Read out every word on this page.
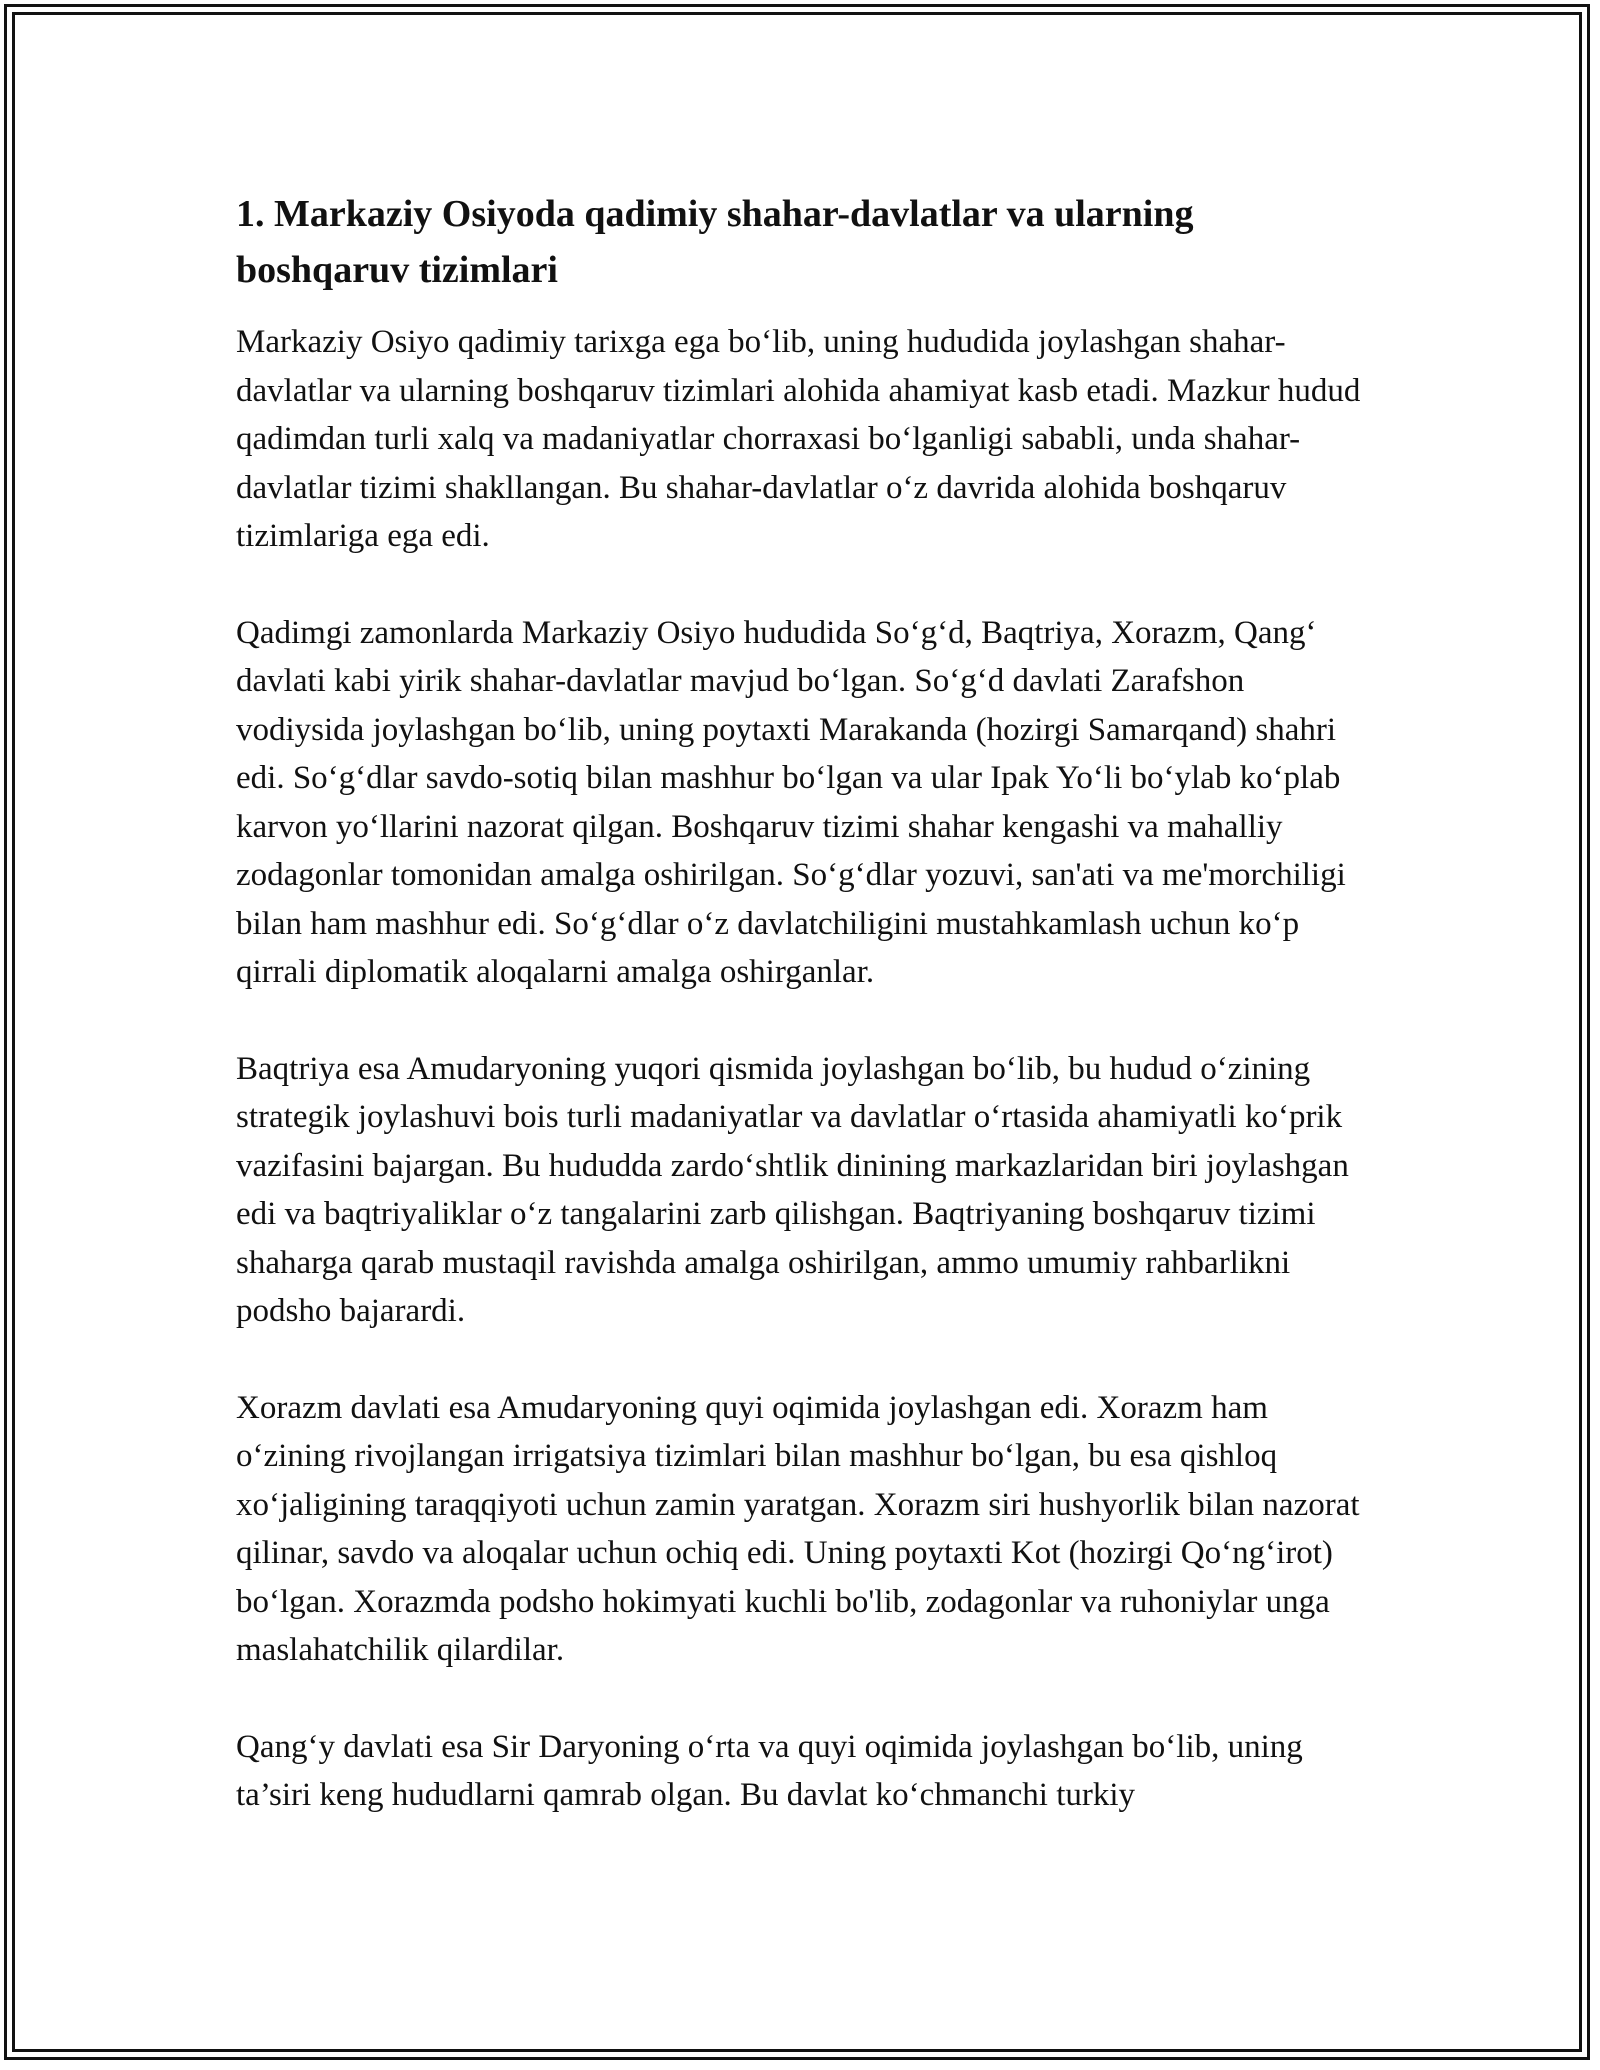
1. Markaziy Osiyoda qadimiy shahar-davlatlar va ularning boshqaruv tizimlari

Markaziy Osiyo qadimiy tarixga ega bo‘lib, uning hududida joylashgan shahar-davlatlar va ularning boshqaruv tizimlari alohida ahamiyat kasb etadi. Mazkur hudud qadimdan turli xalq va madaniyatlar chorraxasi bo‘lganligi sababli, unda shahar-davlatlar tizimi shakllangan. Bu shahar-davlatlar o‘z davrida alohida boshqaruv tizimlariga ega edi.

Qadimgi zamonlarda Markaziy Osiyo hududida So‘g‘d, Baqtriya, Xorazm, Qang‘ davlati kabi yirik shahar-davlatlar mavjud bo‘lgan. So‘g‘d davlati Zarafshon vodiysida joylashgan bo‘lib, uning poytaxti Marakanda (hozirgi Samarqand) shahri edi. So‘g‘dlar savdo-sotiq bilan mashhur bo‘lgan va ular Ipak Yo‘li bo‘ylab ko‘plab karvon yo‘llarini nazorat qilgan. Boshqaruv tizimi shahar kengashi va mahalliy zodagonlar tomonidan amalga oshirilgan. So‘g‘dlar yozuvi, san'ati va me'morchiligi bilan ham mashhur edi. So‘g‘dlar o‘z davlatchiligini mustahkamlash uchun ko‘p qirrali diplomatik aloqalarni amalga oshirganlar.

Baqtriya esa Amudaryoning yuqori qismida joylashgan bo‘lib, bu hudud o‘zining strategik joylashuvi bois turli madaniyatlar va davlatlar o‘rtasida ahamiyatli ko‘prik vazifasini bajargan. Bu hududda zardo‘shtlik dinining markazlaridan biri joylashgan edi va baqtriyaliklar o‘z tangalarini zarb qilishgan. Baqtriyaning boshqaruv tizimi shaharga qarab mustaqil ravishda amalga oshirilgan, ammo umumiy rahbarlikni podsho bajarardi.

Xorazm davlati esa Amudaryoning quyi oqimida joylashgan edi. Xorazm ham o‘zining rivojlangan irrigatsiya tizimlari bilan mashhur bo‘lgan, bu esa qishloq xo‘jaligining taraqqiyoti uchun zamin yaratgan. Xorazm siri hushyorlik bilan nazorat qilinar, savdo va aloqalar uchun ochiq edi. Uning poytaxti Kot (hozirgi Qo‘ng‘irot) bo‘lgan. Xorazmda podsho hokimyati kuchli bo'lib, zodagonlar va ruhoniylar unga maslahatchilik qilardilar.

Qang‘y davlati esa Sir Daryoning o‘rta va quyi oqimida joylashgan bo‘lib, uning ta’siri keng hududlarni qamrab olgan. Bu davlat ko‘chmanchi turkiy
